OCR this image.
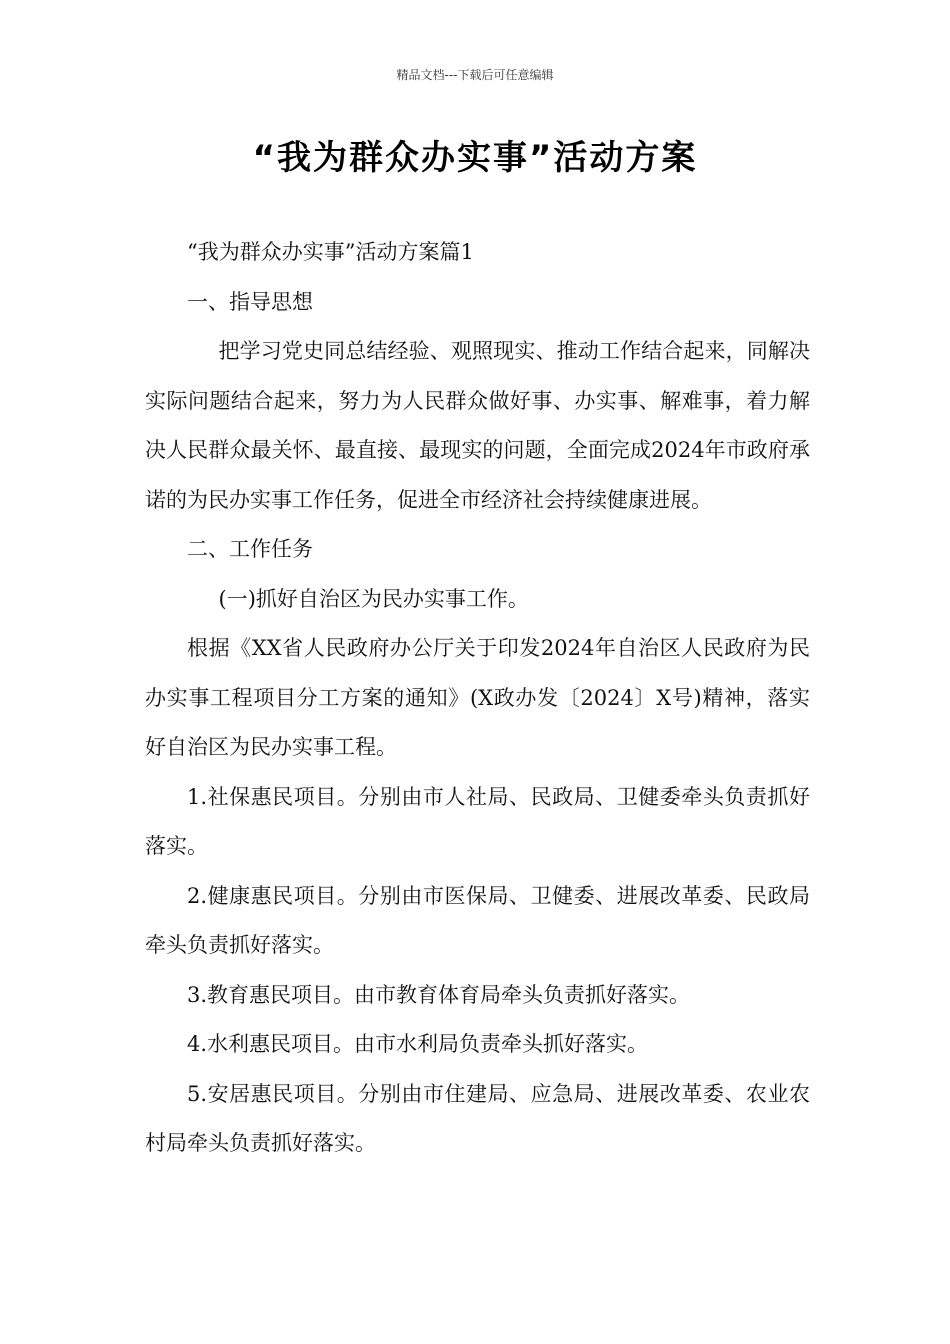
精品文档---下载后可任意编辑
“我为群众办实事”活动方案

“我为群众办实事”活动方案篇1

一、指导思想

把学习党史同总结经验、观照现实、推动工作结合起来，同解决实际问题结合起来，努力为人民群众做好事、办实事、解难事，着力解决人民群众最关怀、最直接、最现实的问题，全面完成2024年市政府承诺的为民办实事工作任务，促进全市经济社会持续健康进展。

二、工作任务

(一)抓好自治区为民办实事工作。

根据《XX省人民政府办公厅关于印发2024年自治区人民政府为民办实事工程项目分工方案的通知》(X政办发〔2024〕X号)精神，落实好自治区为民办实事工程。

1.社保惠民项目。分别由市人社局、民政局、卫健委牵头负责抓好落实。

2.健康惠民项目。分别由市医保局、卫健委、进展改革委、民政局牵头负责抓好落实。

3.教育惠民项目。由市教育体育局牵头负责抓好落实。

4.水利惠民项目。由市水利局负责牵头抓好落实。

5.安居惠民项目。分别由市住建局、应急局、进展改革委、农业农村局牵头负责抓好落实。
